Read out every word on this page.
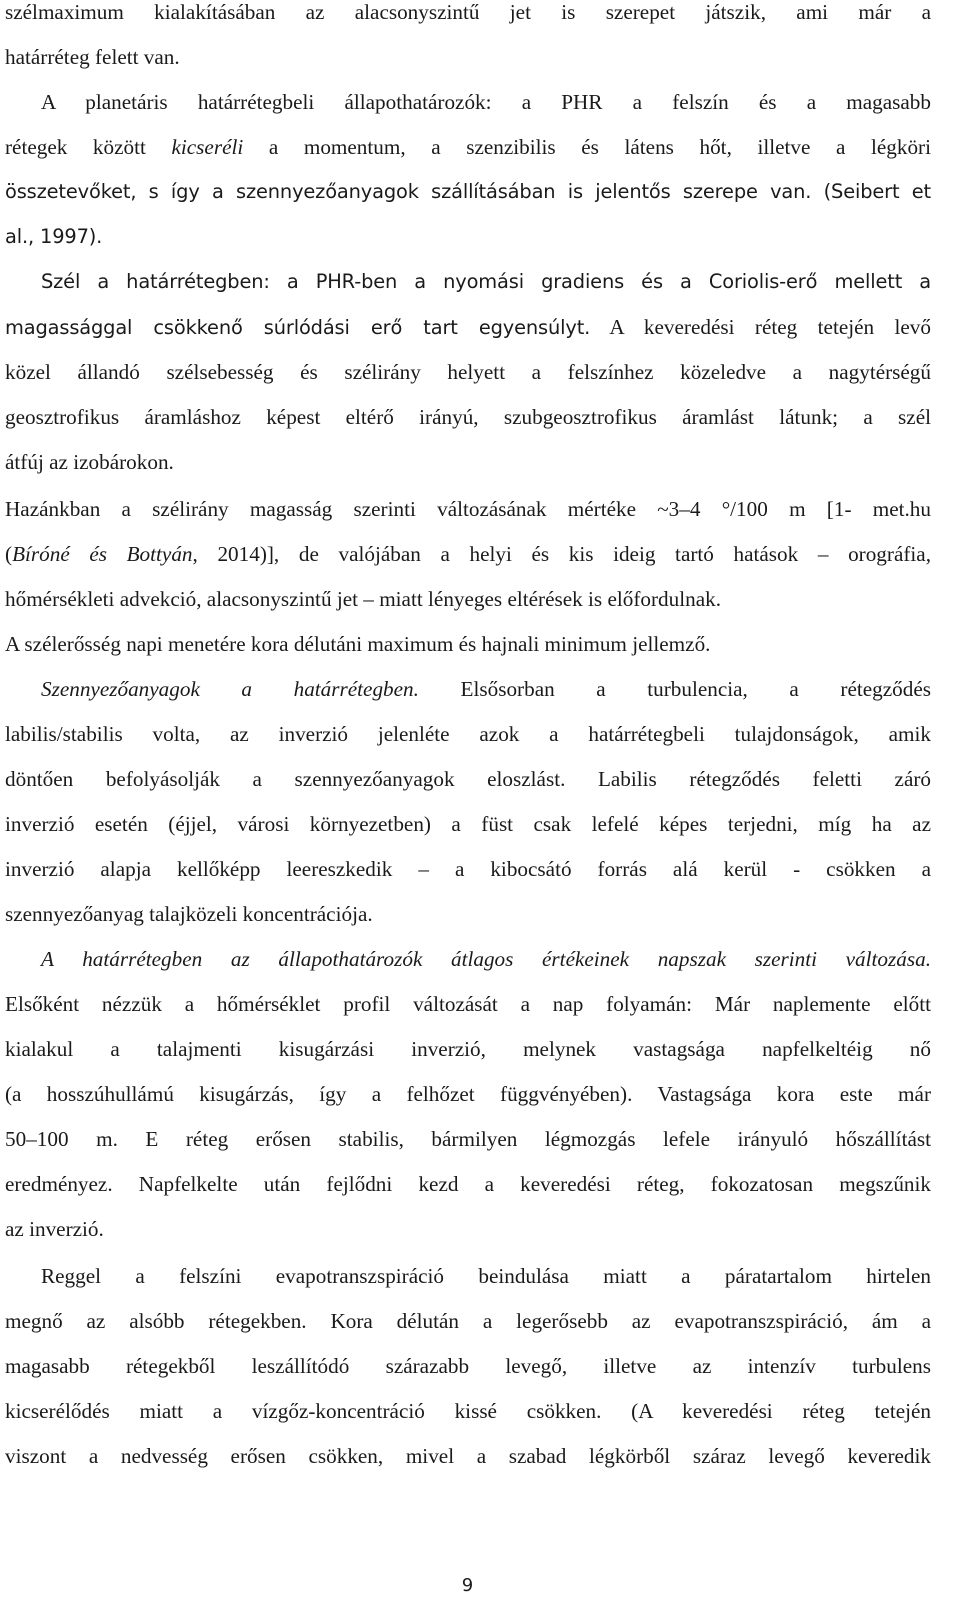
szélmaximum kialakításában az alacsonyszintű jet is szerepet játszik, ami már a
határréteg felett van.
A planetáris határrétegbeli állapothatározók: a PHR a felszín és a magasabb
rétegek között kicseréli a momentum, a szenzibilis és látens hőt, illetve a légköri
összetevőket, s így a szennyezőanyagok szállításában is jelentős szerepe van. (Seibert et
al., 1997).
Szél a határrétegben: a PHR-ben a nyomási gradiens és a Coriolis-erő mellett a
magassággal csökkenő súrlódási erő tart egyensúlyt. A keveredési réteg tetején levő
közel állandó szélsebesség és szélirány helyett a felszínhez közeledve a nagytérségű
geosztrofikus áramláshoz képest eltérő irányú, szubgeosztrofikus áramlást látunk; a szél
átfúj az izobárokon.
Hazánkban a szélirány magasság szerinti változásának mértéke ~3–4 °/100 m [1- met.hu
(Bíróné és Bottyán, 2014)], de valójában a helyi és kis ideig tartó hatások – orográfia,
hőmérsékleti advekció, alacsonyszintű jet – miatt lényeges eltérések is előfordulnak.
A szélerősség napi menetére kora délutáni maximum és hajnali minimum jellemző.
Szennyezőanyagok a határrétegben. Elsősorban a turbulencia, a rétegződés
labilis/stabilis volta, az inverzió jelenléte azok a határrétegbeli tulajdonságok, amik
döntően befolyásolják a szennyezőanyagok eloszlást. Labilis rétegződés feletti záró
inverzió esetén (éjjel, városi környezetben) a füst csak lefelé képes terjedni, míg ha az
inverzió alapja kellőképp leereszkedik – a kibocsátó forrás alá kerül - csökken a
szennyezőanyag talajközeli koncentrációja.
A határrétegben az állapothatározók átlagos értékeinek napszak szerinti változása.
Elsőként nézzük a hőmérséklet profil változását a nap folyamán: Már naplemente előtt
kialakul a talajmenti kisugárzási inverzió, melynek vastagsága napfelkeltéig nő
(a hosszúhullámú kisugárzás, így a felhőzet függvényében). Vastagsága kora este már
50–100 m. E réteg erősen stabilis, bármilyen légmozgás lefele irányuló hőszállítást
eredményez. Napfelkelte után fejlődni kezd a keveredési réteg, fokozatosan megszűnik
az inverzió.
Reggel a felszíni evapotranszspiráció beindulása miatt a páratartalom hirtelen
megnő az alsóbb rétegekben. Kora délután a legerősebb az evapotranszspiráció, ám a
magasabb rétegekből leszállítódó szárazabb levegő, illetve az intenzív turbulens
kicserélődés miatt a vízgőz-koncentráció kissé csökken. (A keveredési réteg tetején
viszont a nedvesség erősen csökken, mivel a szabad légkörből száraz levegő keveredik
9
